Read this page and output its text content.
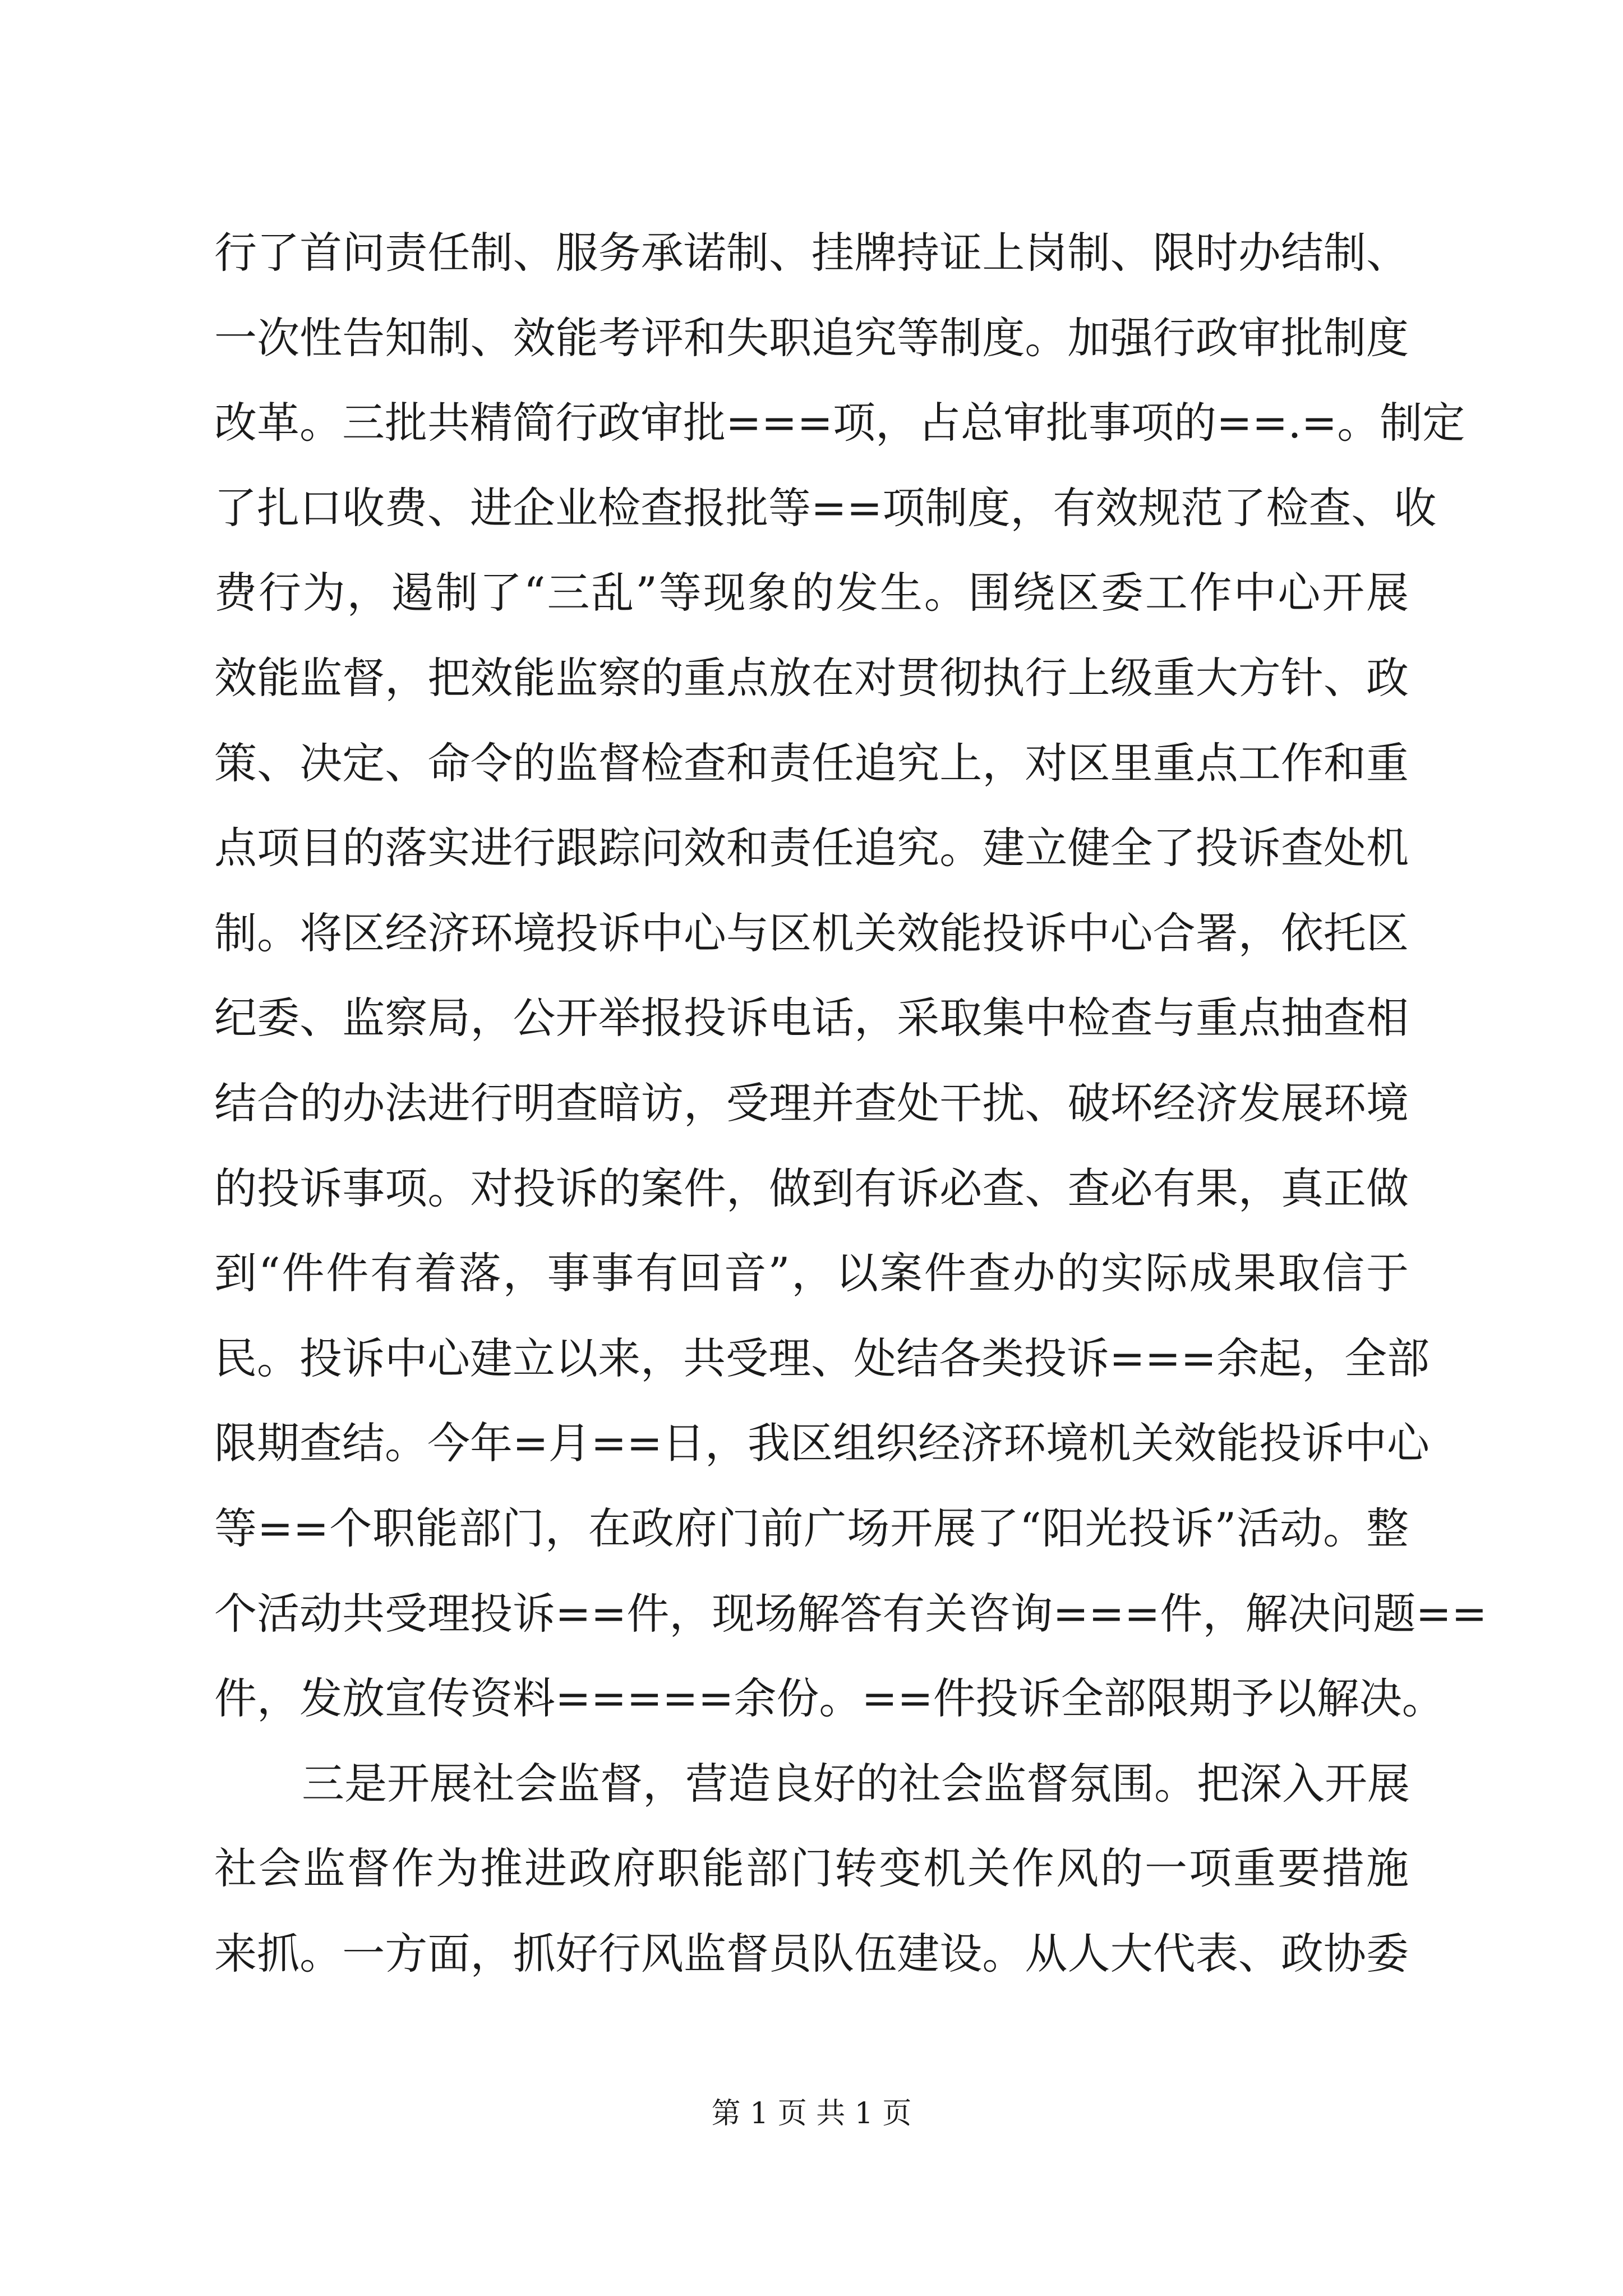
行了首问责任制、服务承诺制、挂牌持证上岗制、限时办结制、
一次性告知制、效能考评和失职追究等制度。加强行政审批制度
改革。三批共精简行政审批===项，占总审批事项的==.=。制定
了扎口收费、进企业检查报批等==项制度，有效规范了检查、收
费行为，遏制了“三乱”等现象的发生。围绕区委工作中心开展
效能监督，把效能监察的重点放在对贯彻执行上级重大方针、政
策、决定、命令的监督检查和责任追究上，对区里重点工作和重
点项目的落实进行跟踪问效和责任追究。建立健全了投诉查处机
制。将区经济环境投诉中心与区机关效能投诉中心合署，依托区
纪委、监察局，公开举报投诉电话，采取集中检查与重点抽查相
结合的办法进行明查暗访，受理并查处干扰、破坏经济发展环境
的投诉事项。对投诉的案件，做到有诉必查、查必有果，真正做
到“件件有着落，事事有回音”，以案件查办的实际成果取信于
民。投诉中心建立以来，共受理、处结各类投诉===余起，全部
限期查结。今年=月==日，我区组织经济环境机关效能投诉中心
等==个职能部门，在政府门前广场开展了“阳光投诉”活动。整
个活动共受理投诉==件，现场解答有关咨询===件，解决问题==
件，发放宣传资料=====余份。==件投诉全部限期予以解决。
三是开展社会监督，营造良好的社会监督氛围。把深入开展
社会监督作为推进政府职能部门转变机关作风的一项重要措施
来抓。一方面，抓好行风监督员队伍建设。从人大代表、政协委
第 1 页 共 1 页
